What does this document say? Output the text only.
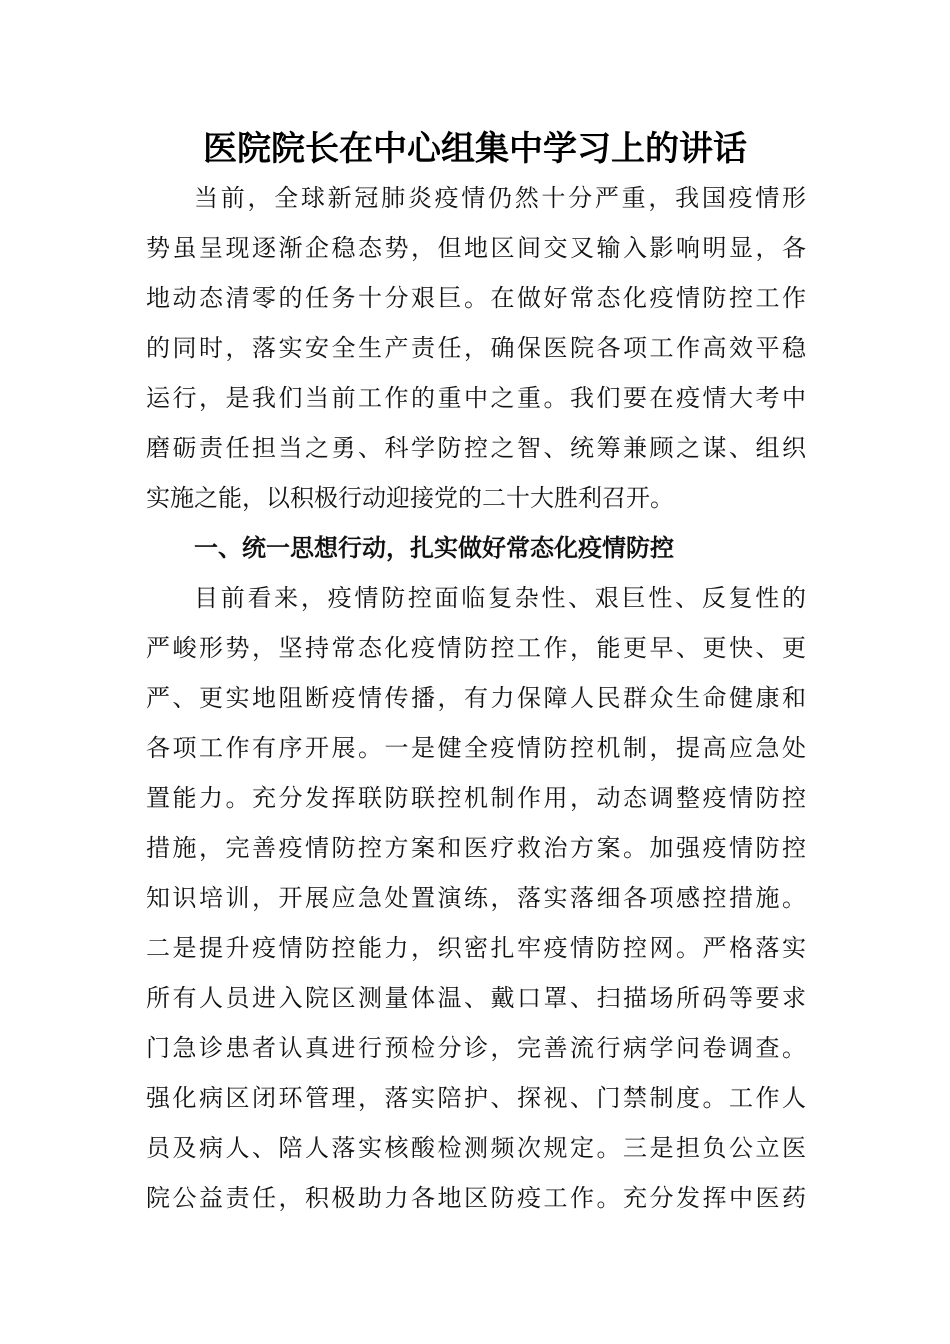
医院院长在中心组集中学习上的讲话
当前，全球新冠肺炎疫情仍然十分严重，我国疫情形
势虽呈现逐渐企稳态势，但地区间交叉输入影响明显，各
地动态清零的任务十分艰巨。在做好常态化疫情防控工作
的同时，落实安全生产责任，确保医院各项工作高效平稳
运行，是我们当前工作的重中之重。我们要在疫情大考中
磨砺责任担当之勇、科学防控之智、统筹兼顾之谋、组织
实施之能，以积极行动迎接党的二十大胜利召开。
一、统一思想行动，扎实做好常态化疫情防控
目前看来，疫情防控面临复杂性、艰巨性、反复性的
严峻形势，坚持常态化疫情防控工作，能更早、更快、更
严、更实地阻断疫情传播，有力保障人民群众生命健康和
各项工作有序开展。一是健全疫情防控机制，提高应急处
置能力。充分发挥联防联控机制作用，动态调整疫情防控
措施，完善疫情防控方案和医疗救治方案。加强疫情防控
知识培训，开展应急处置演练，落实落细各项感控措施。
二是提升疫情防控能力，织密扎牢疫情防控网。严格落实
所有人员进入院区测量体温、戴口罩、扫描场所码等要求
门急诊患者认真进行预检分诊，完善流行病学问卷调查。
强化病区闭环管理，落实陪护、探视、门禁制度。工作人
员及病人、陪人落实核酸检测频次规定。三是担负公立医
院公益责任，积极助力各地区防疫工作。充分发挥中医药
